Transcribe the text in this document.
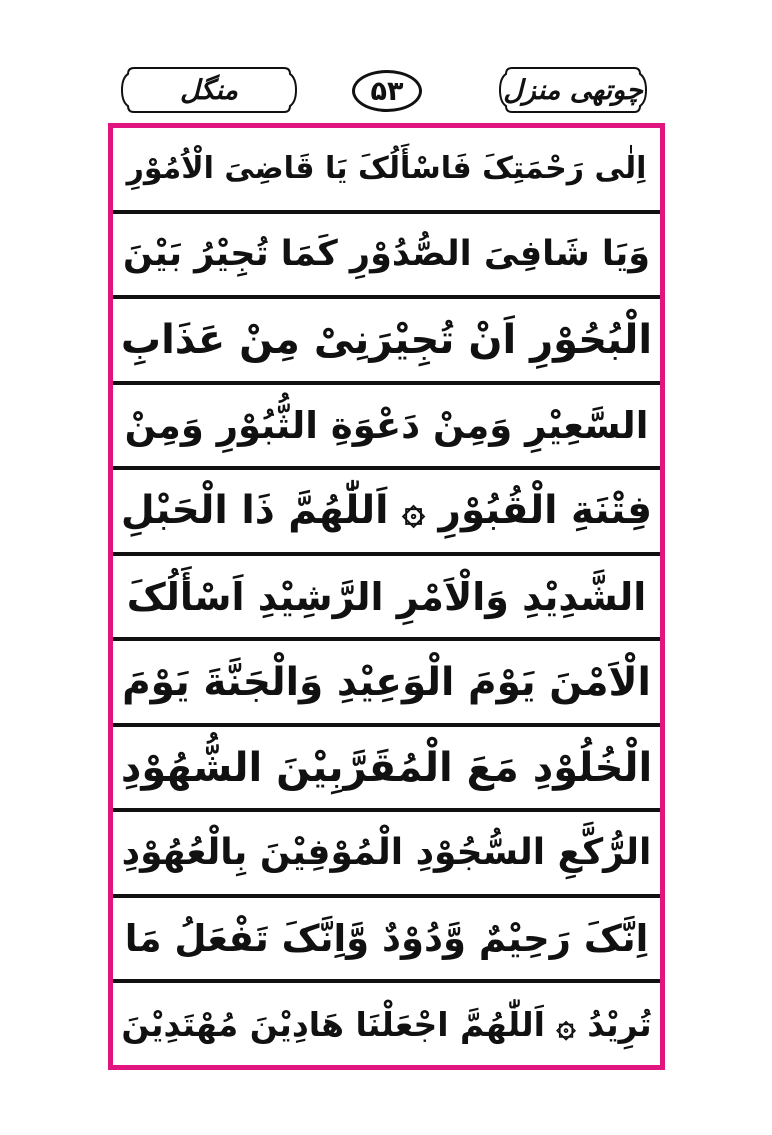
منگل	۵۳	چوتھی منزل
اِلٰی رَحْمَتِکَ فَاسْأَلُکَ یَا قَاضِیَ الْاُمُوْرِ
وَیَا شَافِیَ الصُّدُوْرِ کَمَا تُجِیْرُ بَیْنَ
الْبُحُوْرِ اَنْ تُجِیْرَنِیْ مِنْ عَذَابِ
السَّعِیْرِ وَمِنْ دَعْوَةِ الثُّبُوْرِ وَمِنْ
فِتْنَةِ الْقُبُوْرِ ۞ اَللّٰهُمَّ ذَا الْحَبْلِ
الشَّدِیْدِ وَالْاَمْرِ الرَّشِیْدِ اَسْأَلُکَ
الْاَمْنَ یَوْمَ الْوَعِیْدِ وَالْجَنَّةَ یَوْمَ
الْخُلُوْدِ مَعَ الْمُقَرَّبِیْنَ الشُّهُوْدِ
الرُّکَّعِ السُّجُوْدِ الْمُوْفِیْنَ بِالْعُهُوْدِ
اِنَّکَ رَحِیْمٌ وَّدُوْدٌ وَّاِنَّکَ تَفْعَلُ مَا
تُرِیْدُ ۞ اَللّٰهُمَّ اجْعَلْنَا هَادِیْنَ مُهْتَدِیْنَ
